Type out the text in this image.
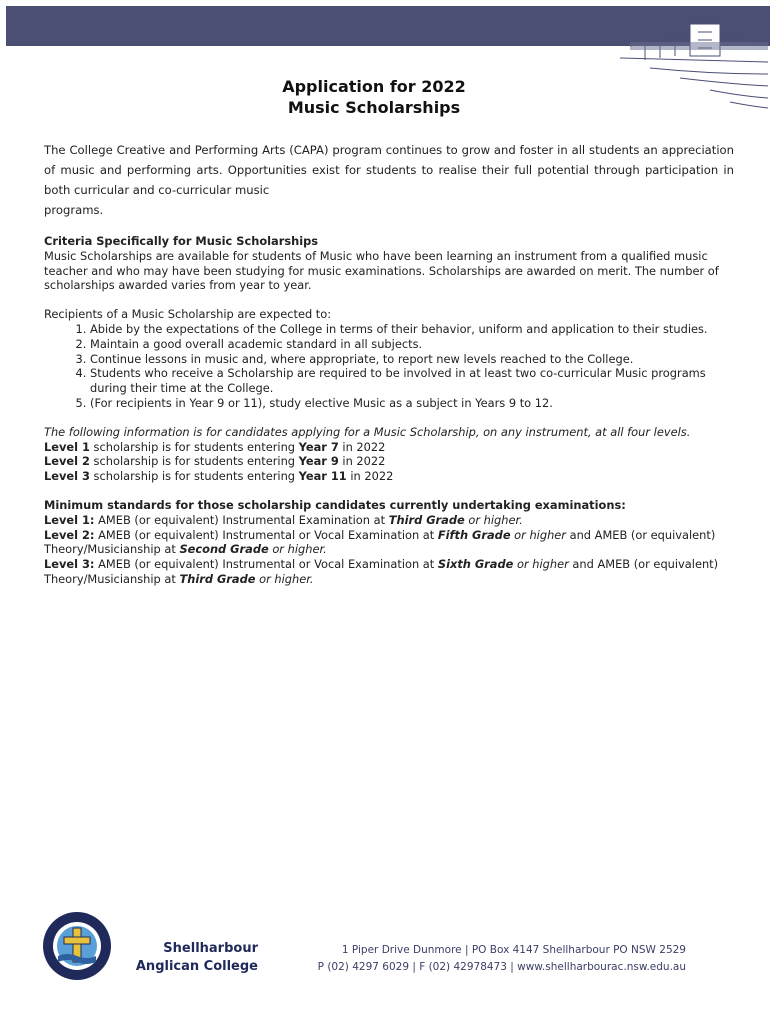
Application for 2022
Music Scholarships

The College Creative and Performing Arts (CAPA) program continues to grow and foster in all students an appreciation of music and performing arts. Opportunities exist for students to realise their full potential through participation in both curricular and co-curricular music
programs.

Criteria Specifically for Music Scholarships

Music Scholarships are available for students of Music who have been learning an instrument from a qualified music teacher and who may have been studying for music examinations. Scholarships are awarded on merit. The number of scholarships awarded varies from year to year.

Recipients of a Music Scholarship are expected to:

1. Abide by the expectations of the College in terms of their behavior, uniform and application to their studies.
2. Maintain a good overall academic standard in all subjects.
3. Continue lessons in music and, where appropriate, to report new levels reached to the College.
4. Students who receive a Scholarship are required to be involved in at least two co-curricular Music programs during their time at the College.
5. (For recipients in Year 9 or 11), study elective Music as a subject in Years 9 to 12.

The following information is for candidates applying for a Music Scholarship, on any instrument, at all four levels.

Level 1 scholarship is for students entering Year 7 in 2022

Level 2 scholarship is for students entering Year 9 in 2022

Level 3 scholarship is for students entering Year 11 in 2022

Minimum standards for those scholarship candidates currently undertaking examinations:

Level 1: AMEB (or equivalent) Instrumental Examination at Third Grade or higher.

Level 2: AMEB (or equivalent) Instrumental or Vocal Examination at Fifth Grade or higher and AMEB (or equivalent) Theory/Musicianship at Second Grade or higher.

Level 3: AMEB (or equivalent) Instrumental or Vocal Examination at Sixth Grade or higher and AMEB (or equivalent) Theory/Musicianship at Third Grade or higher.

Shellharbour
Anglican College
1 Piper Drive Dunmore | PO Box 4147 Shellharbour PO NSW 2529
P (02) 4297 6029 | F (02) 42978473 | www.shellharbourac.nsw.edu.au
